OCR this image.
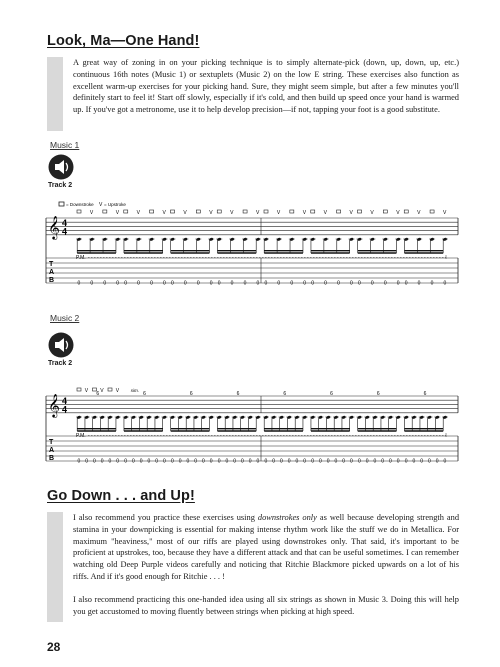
Look, Ma—One Hand!

A great way of zoning in on your picking technique is to simply alternate-pick (down, up, down, up, etc.) continuous 16th notes (Music 1) or sextuplets (Music 2) on the low E string. These exercises also function as excellent warm-up exercises for your picking hand. Sure, they might seem simple, but after a few minutes you'll definitely start to feel it! Start off slowly, especially if it's cold, and then build up speed once your hand is warmed up. If you've got a metronome, use it to help develop precision—if not, tapping your foot is a good substitute.

Music 1
Track 2
= Downstroke V = Upstroke
𝄞 4
4
T
A
B	0 0
V
0 0
V
0 0
V
0 0
V
0 0
V
0 0
V
0 0
V
0 0
V
0 0
V
0 0
V
0 0
V
0 0
V
0 0
V
0 0
V
0 0
V
0 0
V
P.M.
Music 2
Track 2
𝄞 4
4
T
A
B	0 0
V
0 0
V
0 0
V
6
0 0 0 0 0 0
6
0 0 0 0 0 0
6
0 0 0 0 0 0
6
0 0 0 0 0 0
6
0 0 0 0 0 0
6
0 0 0 0 0 0
6
0 0 0 0 0 0
6
P.M.
sim.
Go Down . . . and Up!

I also recommend you practice these exercises using downstrokes only as well because developing strength and stamina in your downpicking is essential for making intense rhythm work like the stuff we do in Metallica. For maximum "heaviness," most of our riffs are played using downstrokes only. That said, it's important to be proficient at upstrokes, too, because they have a different attack and that can be useful sometimes. I can remember watching old Deep Purple videos carefully and noticing that Ritchie Blackmore picked upwards on a lot of his riffs. And if it's good enough for Ritchie . . . !

I also recommend practicing this one-handed idea using all six strings as shown in Music 3. Doing this will help you get accustomed to moving fluently between strings when picking at high speed.

28
